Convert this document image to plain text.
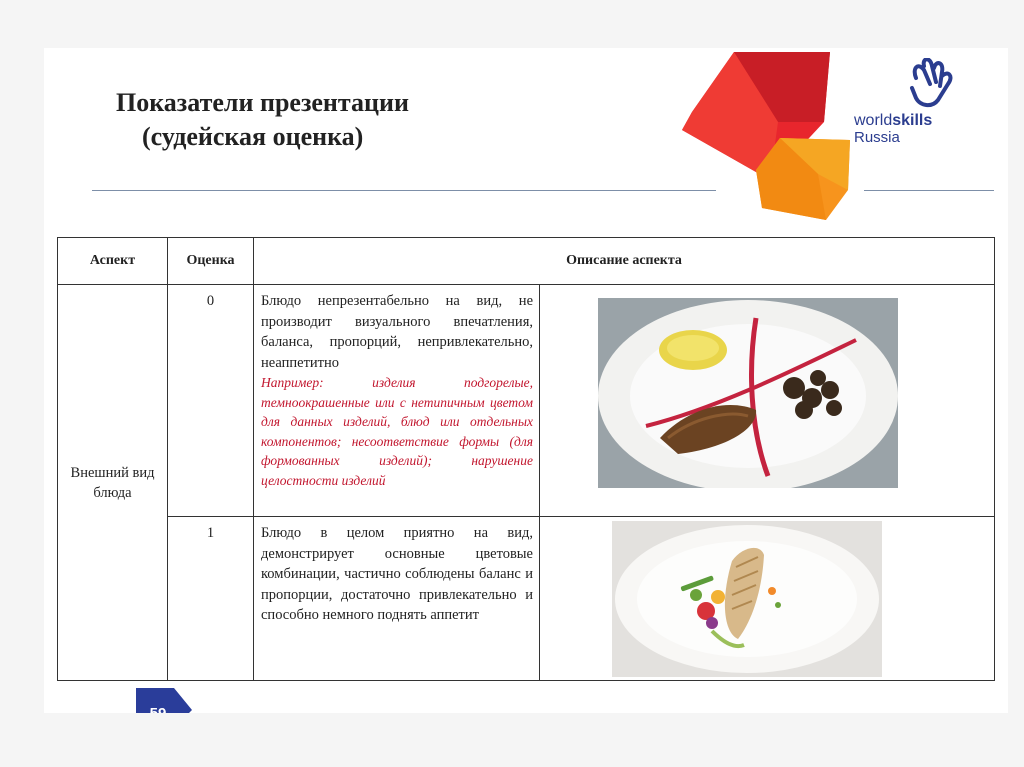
Показатели презентации
(судейская оценка)
worldskills
Russia
Аспект	Оценка	Описание аспекта	
Внешний вид блюда	0	Блюдо непрезентабельно на вид, не производит визуального впечатления, баланса, пропорций, непривлекательно, неаппетитно
Например: изделия подгорелые, темноокрашенные или с нетипичным цветом для данных изделий, блюд или отдельных компонентов; несоответствие формы (для формованных изделий); нарушение целостности изделий

	1	Блюдо в целом приятно на вид, демонстрирует основные цветовые комбинации, частично соблюдены баланс и пропорции, достаточно привлекательно и способно немного поднять аппетит	
